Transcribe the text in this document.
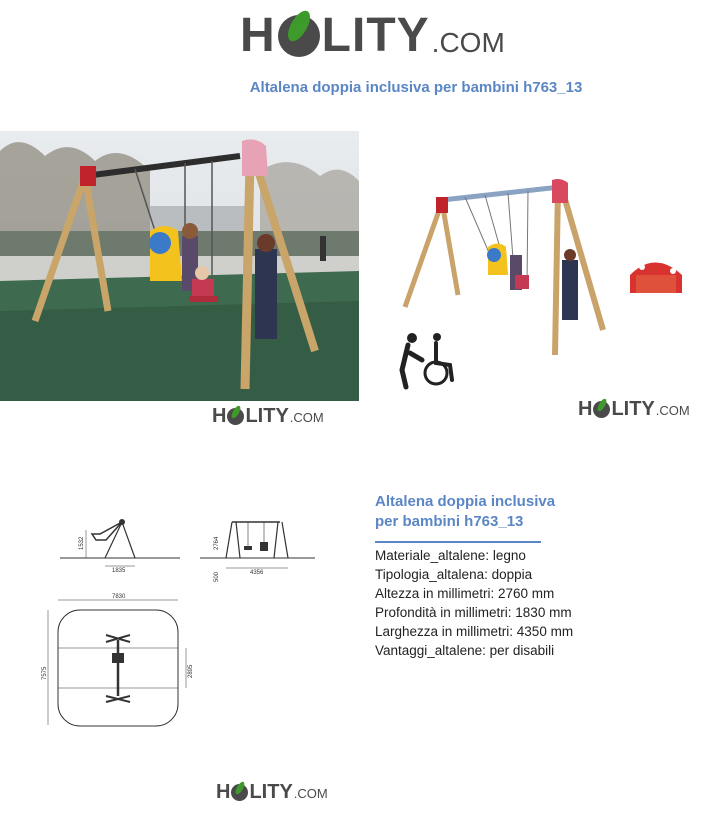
H LITY .COM
Altalena doppia inclusiva per bambini h763_13
H LITY .COM	H LITY .COM
H LITY .COM
1532
1835
2764
500	4356
7830
7575	2895
Altalena doppia inclusiva
per bambini h763_13
Materiale_altalene: legno
Tipologia_altalena: doppia
Altezza in millimetri: 2760 mm
Profondità in millimetri: 1830 mm
Larghezza in millimetri: 4350 mm
Vantaggi_altalene: per disabili
